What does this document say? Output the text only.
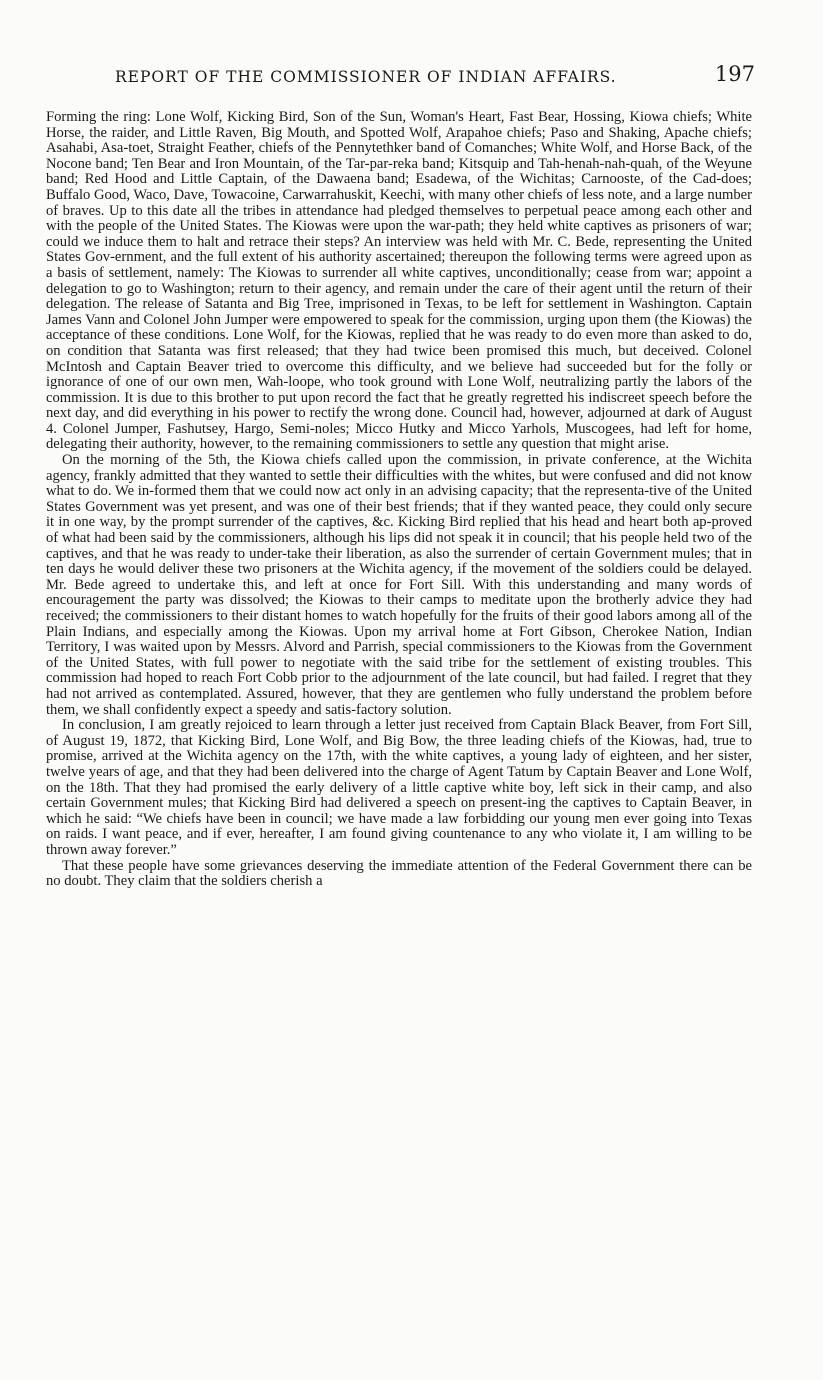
REPORT OF THE COMMISSIONER OF INDIAN AFFAIRS.	197

Forming the ring: Lone Wolf, Kicking Bird, Son of the Sun, Woman's Heart, Fast Bear, Hossing, Kiowa chiefs; White Horse, the raider, and Little Raven, Big Mouth, and Spotted Wolf, Arapahoe chiefs; Paso and Shaking, Apache chiefs; Asahabi, Asa-toet, Straight Feather, chiefs of the Pennytethker band of Comanches; White Wolf, and Horse Back, of the Nocone band; Ten Bear and Iron Mountain, of the Tar-par-reka band; Kitsquip and Tah-henah-nah-quah, of the Weyune band; Red Hood and Little Captain, of the Dawaena band; Esadewa, of the Wichitas; Carnooste, of the Cad-does; Buffalo Good, Waco, Dave, Towacoine, Carwarrahuskit, Keechi, with many other chiefs of less note, and a large number of braves. Up to this date all the tribes in attendance had pledged themselves to perpetual peace among each other and with the people of the United States. The Kiowas were upon the war-path; they held white captives as prisoners of war; could we induce them to halt and retrace their steps? An interview was held with Mr. C. Bede, representing the United States Gov-ernment, and the full extent of his authority ascertained; thereupon the following terms were agreed upon as a basis of settlement, namely: The Kiowas to surrender all white captives, unconditionally; cease from war; appoint a delegation to go to Washington; return to their agency, and remain under the care of their agent until the return of their delegation. The release of Satanta and Big Tree, imprisoned in Texas, to be left for settlement in Washington. Captain James Vann and Colonel John Jumper were empowered to speak for the commission, urging upon them (the Kiowas) the acceptance of these conditions. Lone Wolf, for the Kiowas, replied that he was ready to do even more than asked to do, on condition that Satanta was first released; that they had twice been promised this much, but deceived. Colonel McIntosh and Captain Beaver tried to overcome this difficulty, and we believe had succeeded but for the folly or ignorance of one of our own men, Wah-loope, who took ground with Lone Wolf, neutralizing partly the labors of the commission. It is due to this brother to put upon record the fact that he greatly regretted his indiscreet speech before the next day, and did everything in his power to rectify the wrong done. Council had, however, adjourned at dark of August 4. Colonel Jumper, Fashutsey, Hargo, Semi-noles; Micco Hutky and Micco Yarhols, Muscogees, had left for home, delegating their authority, however, to the remaining commissioners to settle any question that might arise.

On the morning of the 5th, the Kiowa chiefs called upon the commission, in private conference, at the Wichita agency, frankly admitted that they wanted to settle their difficulties with the whites, but were confused and did not know what to do. We in-formed them that we could now act only in an advising capacity; that the representa-tive of the United States Government was yet present, and was one of their best friends; that if they wanted peace, they could only secure it in one way, by the prompt surrender of the captives, &c. Kicking Bird replied that his head and heart both ap-proved of what had been said by the commissioners, although his lips did not speak it in council; that his people held two of the captives, and that he was ready to under-take their liberation, as also the surrender of certain Government mules; that in ten days he would deliver these two prisoners at the Wichita agency, if the movement of the soldiers could be delayed. Mr. Bede agreed to undertake this, and left at once for Fort Sill. With this understanding and many words of encouragement the party was dissolved; the Kiowas to their camps to meditate upon the brotherly advice they had received; the commissioners to their distant homes to watch hopefully for the fruits of their good labors among all of the Plain Indians, and especially among the Kiowas. Upon my arrival home at Fort Gibson, Cherokee Nation, Indian Territory, I was waited upon by Messrs. Alvord and Parrish, special commissioners to the Kiowas from the Government of the United States, with full power to negotiate with the said tribe for the settlement of existing troubles. This commission had hoped to reach Fort Cobb prior to the adjournment of the late council, but had failed. I regret that they had not arrived as contemplated. Assured, however, that they are gentlemen who fully understand the problem before them, we shall confidently expect a speedy and satis-factory solution.

In conclusion, I am greatly rejoiced to learn through a letter just received from Captain Black Beaver, from Fort Sill, of August 19, 1872, that Kicking Bird, Lone Wolf, and Big Bow, the three leading chiefs of the Kiowas, had, true to promise, arrived at the Wichita agency on the 17th, with the white captives, a young lady of eighteen, and her sister, twelve years of age, and that they had been delivered into the charge of Agent Tatum by Captain Beaver and Lone Wolf, on the 18th. That they had promised the early delivery of a little captive white boy, left sick in their camp, and also certain Government mules; that Kicking Bird had delivered a speech on present-ing the captives to Captain Beaver, in which he said: “We chiefs have been in council; we have made a law forbidding our young men ever going into Texas on raids. I want peace, and if ever, hereafter, I am found giving countenance to any who violate it, I am willing to be thrown away forever.”

That these people have some grievances deserving the immediate attention of the Federal Government there can be no doubt. They claim that the soldiers cherish a
